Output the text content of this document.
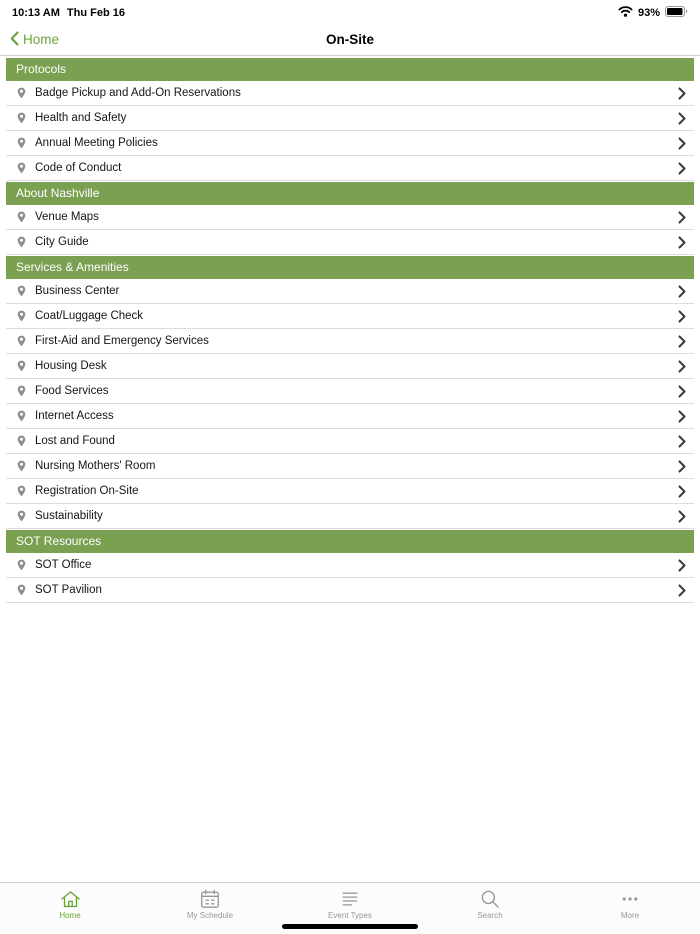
10:13 AM Thu Feb 16	93%
On-Site
Home
Protocols
Badge Pickup and Add-On Reservations
Health and Safety
Annual Meeting Policies
Code of Conduct
About Nashville
Venue Maps
City Guide
Services & Amenities
Business Center
Coat/Luggage Check
First-Aid and Emergency Services
Housing Desk
Food Services
Internet Access
Lost and Found
Nursing Mothers' Room
Registration On-Site
Sustainability
SOT Resources
SOT Office
SOT Pavilion
Home	My Schedule	Event Types	Search	More
